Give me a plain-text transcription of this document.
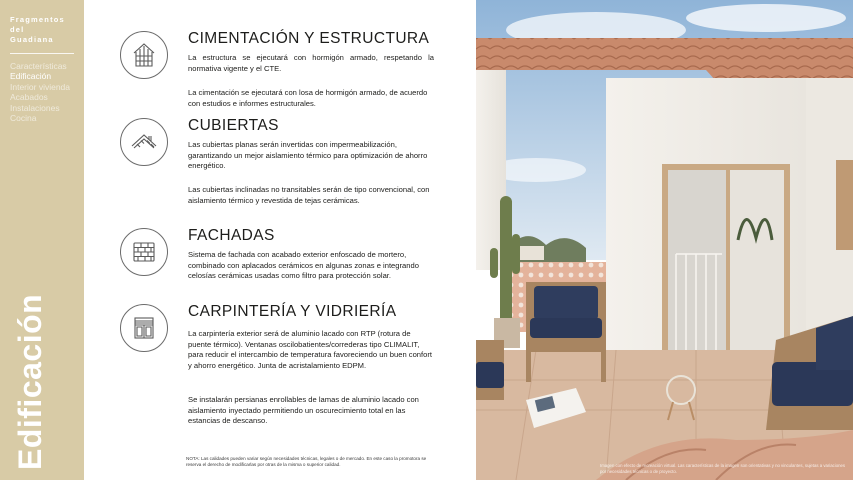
Fragmentos
del
Guadiana
Características
Edificación
Interior vivienda
Acabados
Instalaciones
Cocina
Edificación
CIMENTACIÓN Y ESTRUCTURA

La estructura se ejecutará con hormigón armado, respetando la normativa vigente y el CTE.

La cimentación se ejecutará con losa de hormigón armado, de acuerdo con estudios e informes estructurales.

CUBIERTAS

Las cubiertas planas serán invertidas con impermeabilización, garantizando un mejor aislamiento térmico para optimización de ahorro energético.

Las cubiertas inclinadas no transitables serán de tipo convencional, con aislamiento térmico y revestida de tejas cerámicas.

FACHADAS

Sistema de fachada con acabado exterior enfoscado de mortero, combinado con aplacados cerámicos en algunas zonas e integrando celosías cerámicas usadas como filtro para protección solar.

CARPINTERÍA Y VIDRIERÍA

La carpintería exterior será de aluminio lacado con RTP (rotura de puente térmico). Ventanas oscilobatientes/correderas tipo CLIMALIT, para reducir el intercambio de temperatura favoreciendo un buen confort y ahorro energético. Junta de acristalamiento EDPM.

Se instalarán persianas enrollables de lamas de aluminio lacado con aislamiento inyectado permitiendo un oscurecimiento total en las estancias de descanso.

NOTA: Las calidades pueden variar según necesidades técnicas, legales o de mercado. En este caso la promotora se reserva el derecho de modificarlas por otras de la misma o superior calidad.	Imagen con efecto de recreación virtual. Las características de la imagen son orientativas y no vinculantes, sujetas a variaciones por necesidades técnicas o de proyecto.
